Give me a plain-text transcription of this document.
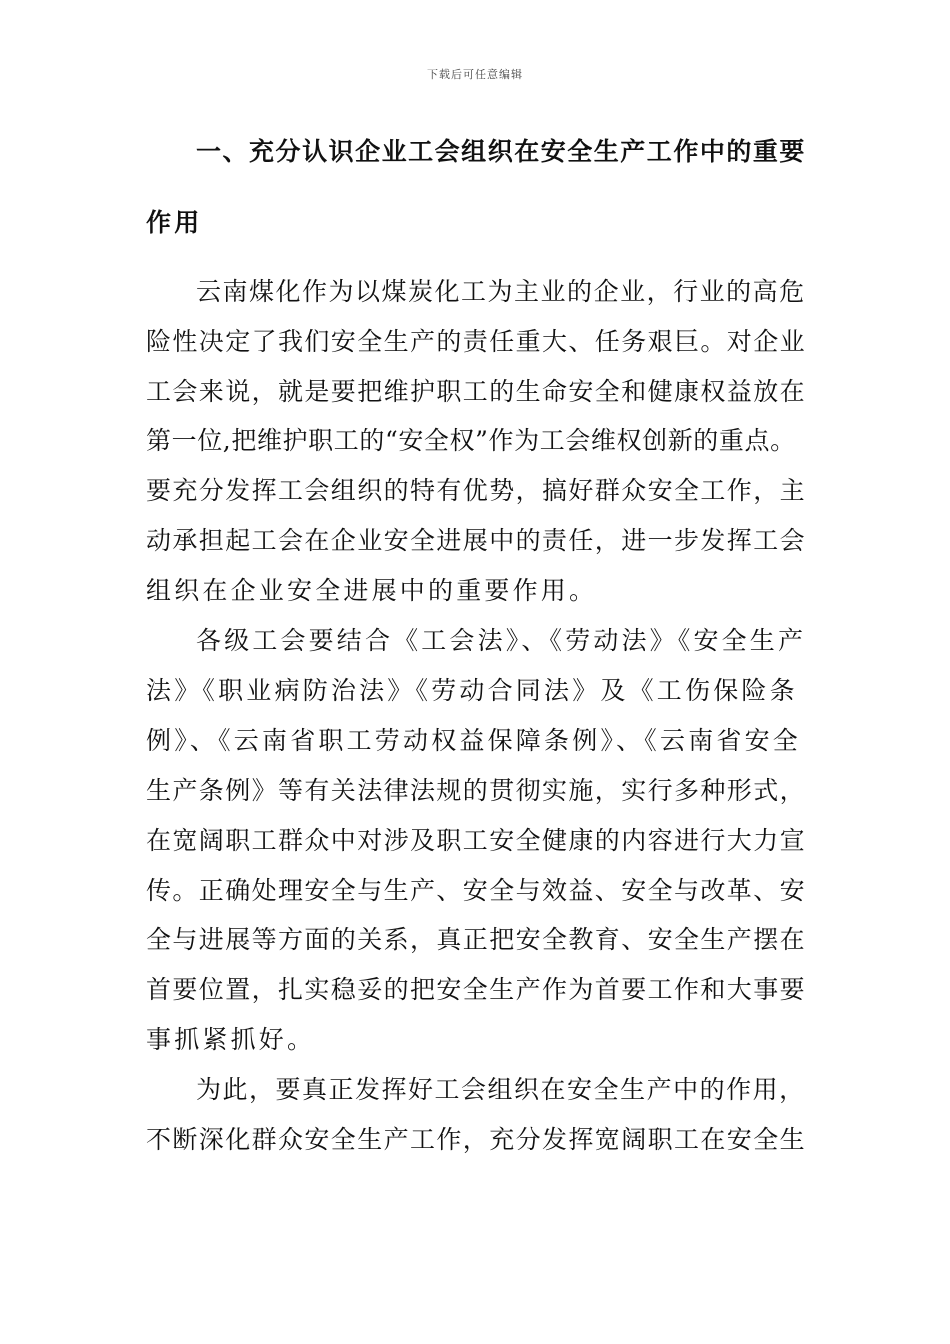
下载后可任意编辑
一、充分认识企业工会组织在安全生产工作中的重要
作用
云南煤化作为以煤炭化工为主业的企业，行业的高危
险性决定了我们安全生产的责任重大、任务艰巨。对企业
工会来说，就是要把维护职工的生命安全和健康权益放在
第一位,把维护职工的“安全权”作为工会维权创新的重点。
要充分发挥工会组织的特有优势，搞好群众安全工作，主
动承担起工会在企业安全进展中的责任，进一步发挥工会
组织在企业安全进展中的重要作用。
各级工会要结合《工会法》、《劳动法》《安全生产
法》《职业病防治法》《劳动合同法》及《工伤保险条
例》、《云南省职工劳动权益保障条例》、《云南省安全
生产条例》等有关法律法规的贯彻实施，实行多种形式，
在宽阔职工群众中对涉及职工安全健康的内容进行大力宣
传。正确处理安全与生产、安全与效益、安全与改革、安
全与进展等方面的关系，真正把安全教育、安全生产摆在
首要位置，扎实稳妥的把安全生产作为首要工作和大事要
事抓紧抓好。
为此，要真正发挥好工会组织在安全生产中的作用，
不断深化群众安全生产工作，充分发挥宽阔职工在安全生
